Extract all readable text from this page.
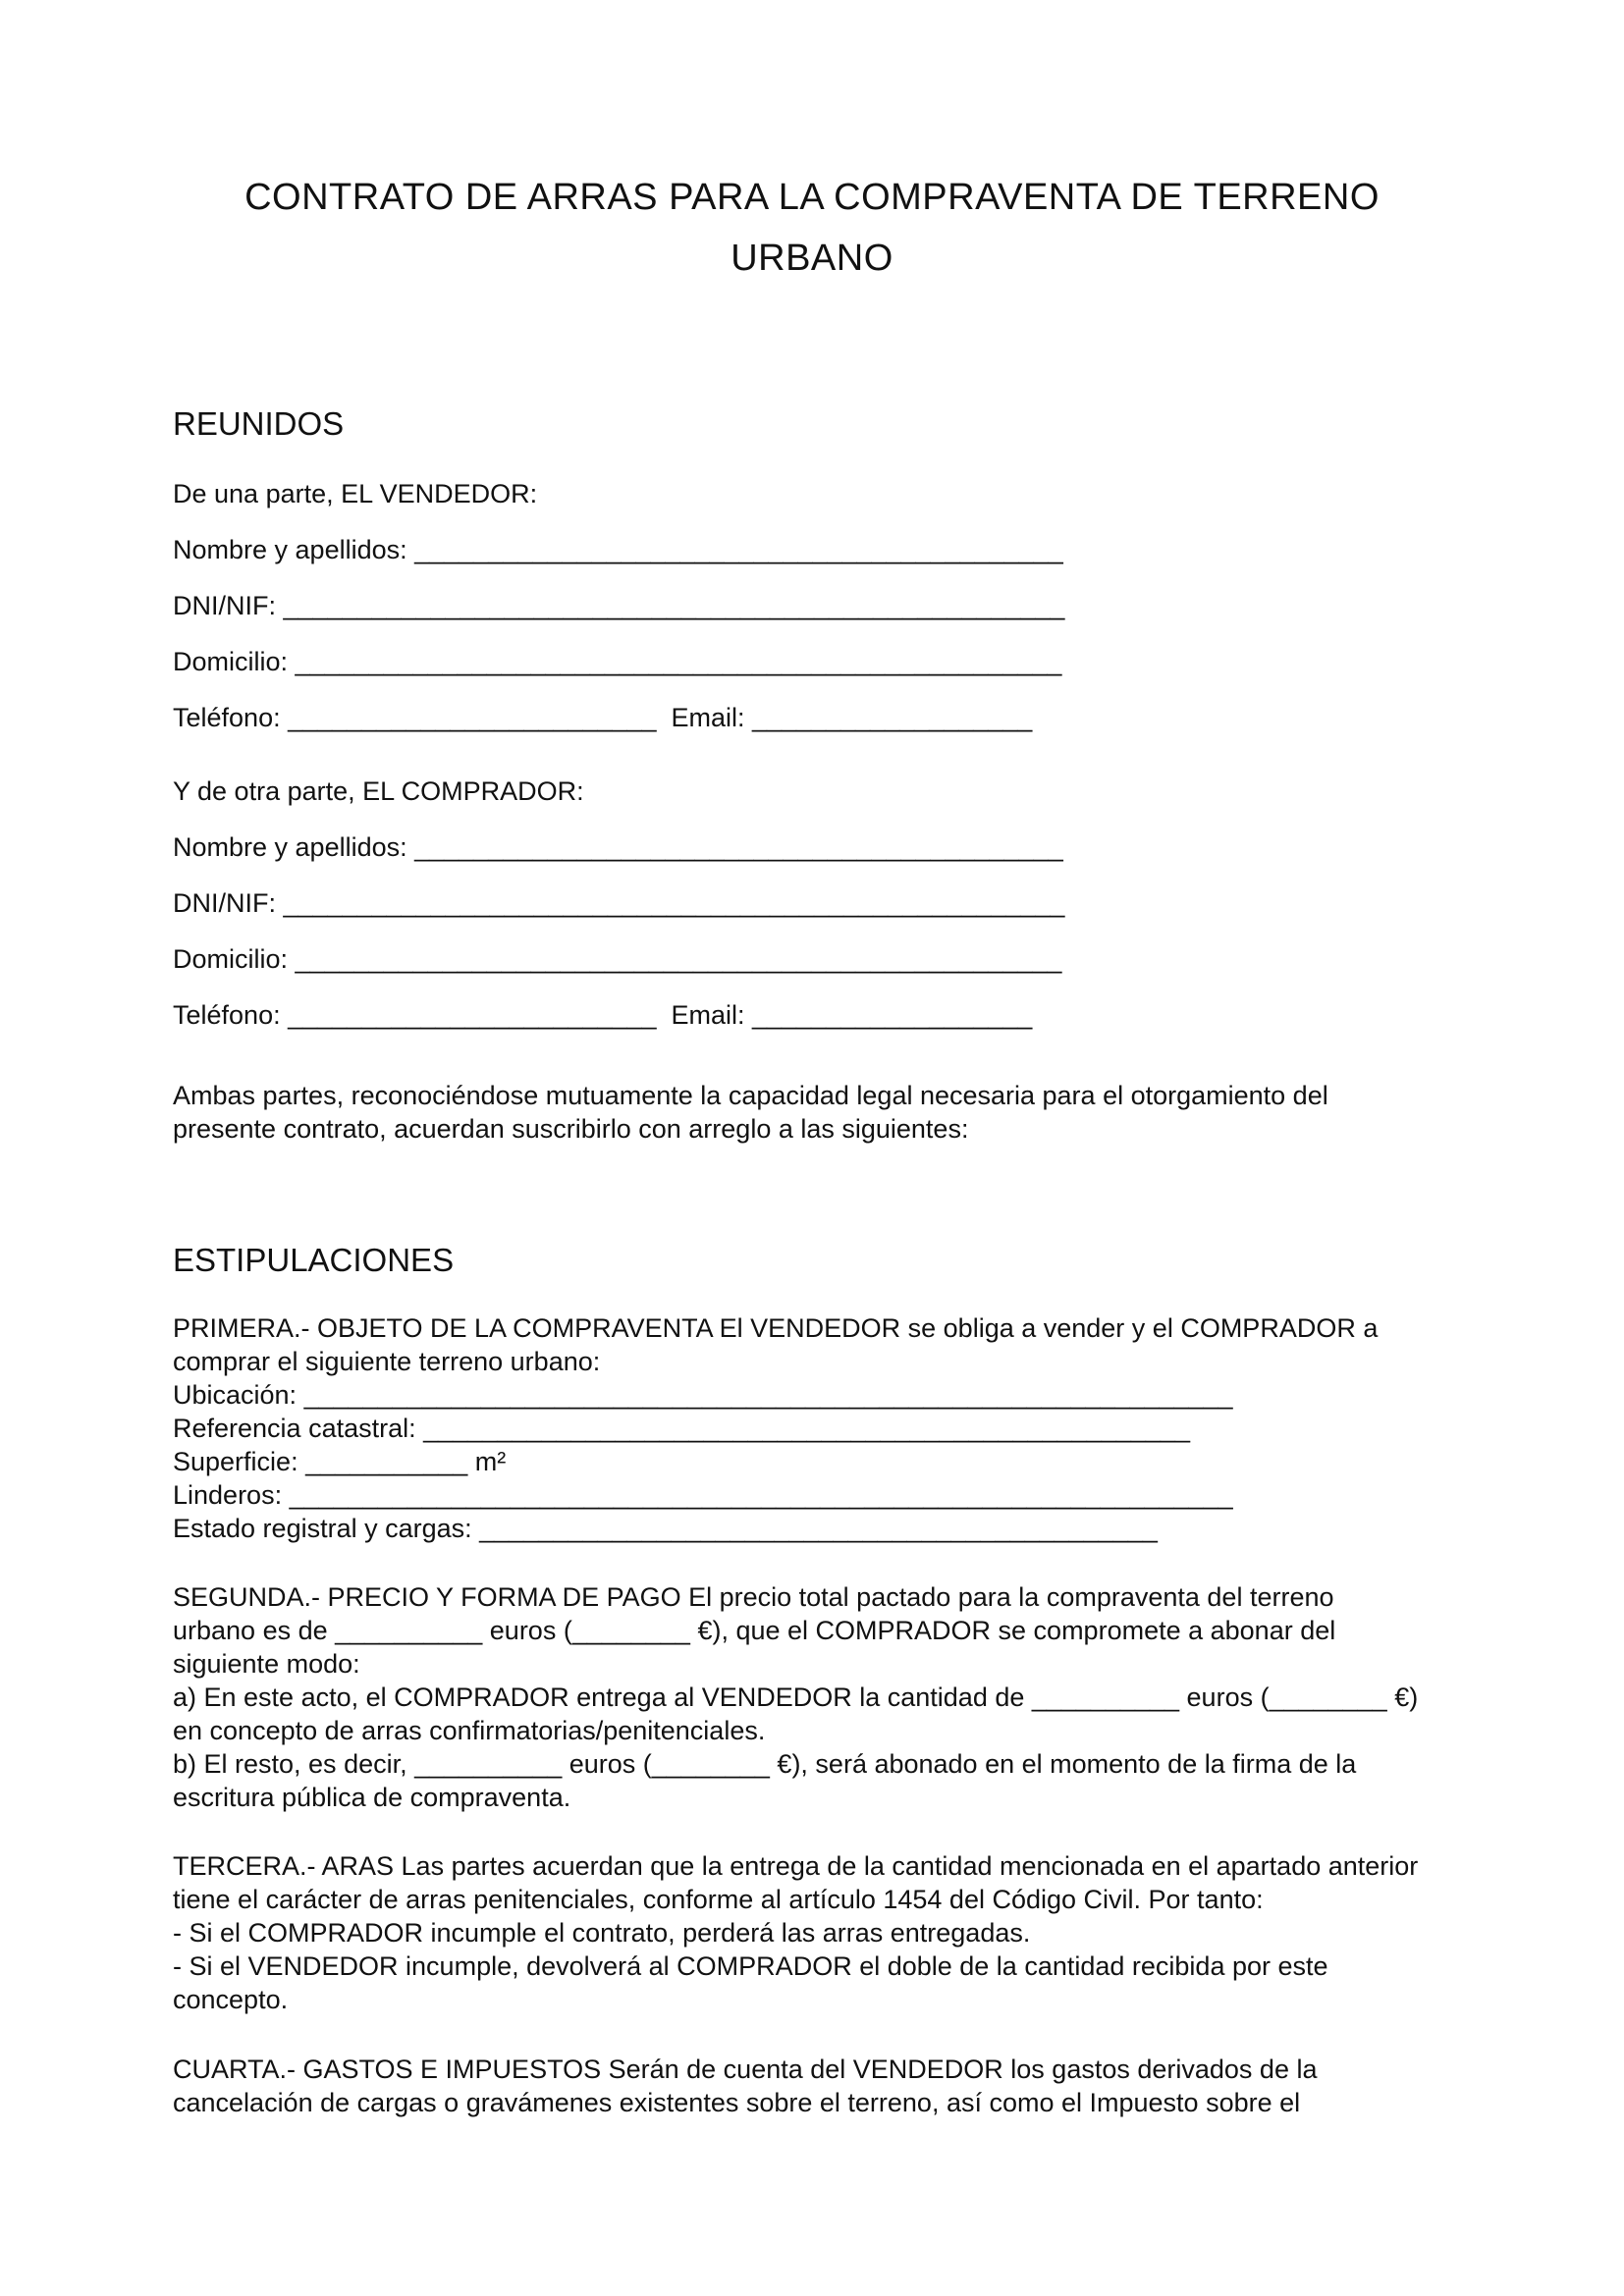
CONTRATO DE ARRAS PARA LA COMPRAVENTA DE TERRENO
URBANO
REUNIDOS
De una parte, EL VENDEDOR:
Nombre y apellidos: ____________________________________________
DNI/NIF: _____________________________________________________
Domicilio: ____________________________________________________
Teléfono: _________________________  Email: ___________________
Y de otra parte, EL COMPRADOR:
Nombre y apellidos: ____________________________________________
DNI/NIF: _____________________________________________________
Domicilio: ____________________________________________________
Teléfono: _________________________  Email: ___________________
Ambas partes, reconociéndose mutuamente la capacidad legal necesaria para el otorgamiento del
presente contrato, acuerdan suscribirlo con arreglo a las siguientes:
ESTIPULACIONES
PRIMERA.- OBJETO DE LA COMPRAVENTA El VENDEDOR se obliga a vender y el COMPRADOR a
comprar el siguiente terreno urbano:
Ubicación: _______________________________________________________________
Referencia catastral: ____________________________________________________
Superficie: ___________ m²
Linderos: ________________________________________________________________
Estado registral y cargas: ______________________________________________
SEGUNDA.- PRECIO Y FORMA DE PAGO El precio total pactado para la compraventa del terreno
urbano es de __________ euros (________ €), que el COMPRADOR se compromete a abonar del
siguiente modo:
a) En este acto, el COMPRADOR entrega al VENDEDOR la cantidad de __________ euros (________ €)
en concepto de arras confirmatorias/penitenciales.
b) El resto, es decir, __________ euros (________ €), será abonado en el momento de la firma de la
escritura pública de compraventa.
TERCERA.- ARAS Las partes acuerdan que la entrega de la cantidad mencionada en el apartado anterior
tiene el carácter de arras penitenciales, conforme al artículo 1454 del Código Civil. Por tanto:
- Si el COMPRADOR incumple el contrato, perderá las arras entregadas.
- Si el VENDEDOR incumple, devolverá al COMPRADOR el doble de la cantidad recibida por este
concepto.
CUARTA.- GASTOS E IMPUESTOS Serán de cuenta del VENDEDOR los gastos derivados de la
cancelación de cargas o gravámenes existentes sobre el terreno, así como el Impuesto sobre el
